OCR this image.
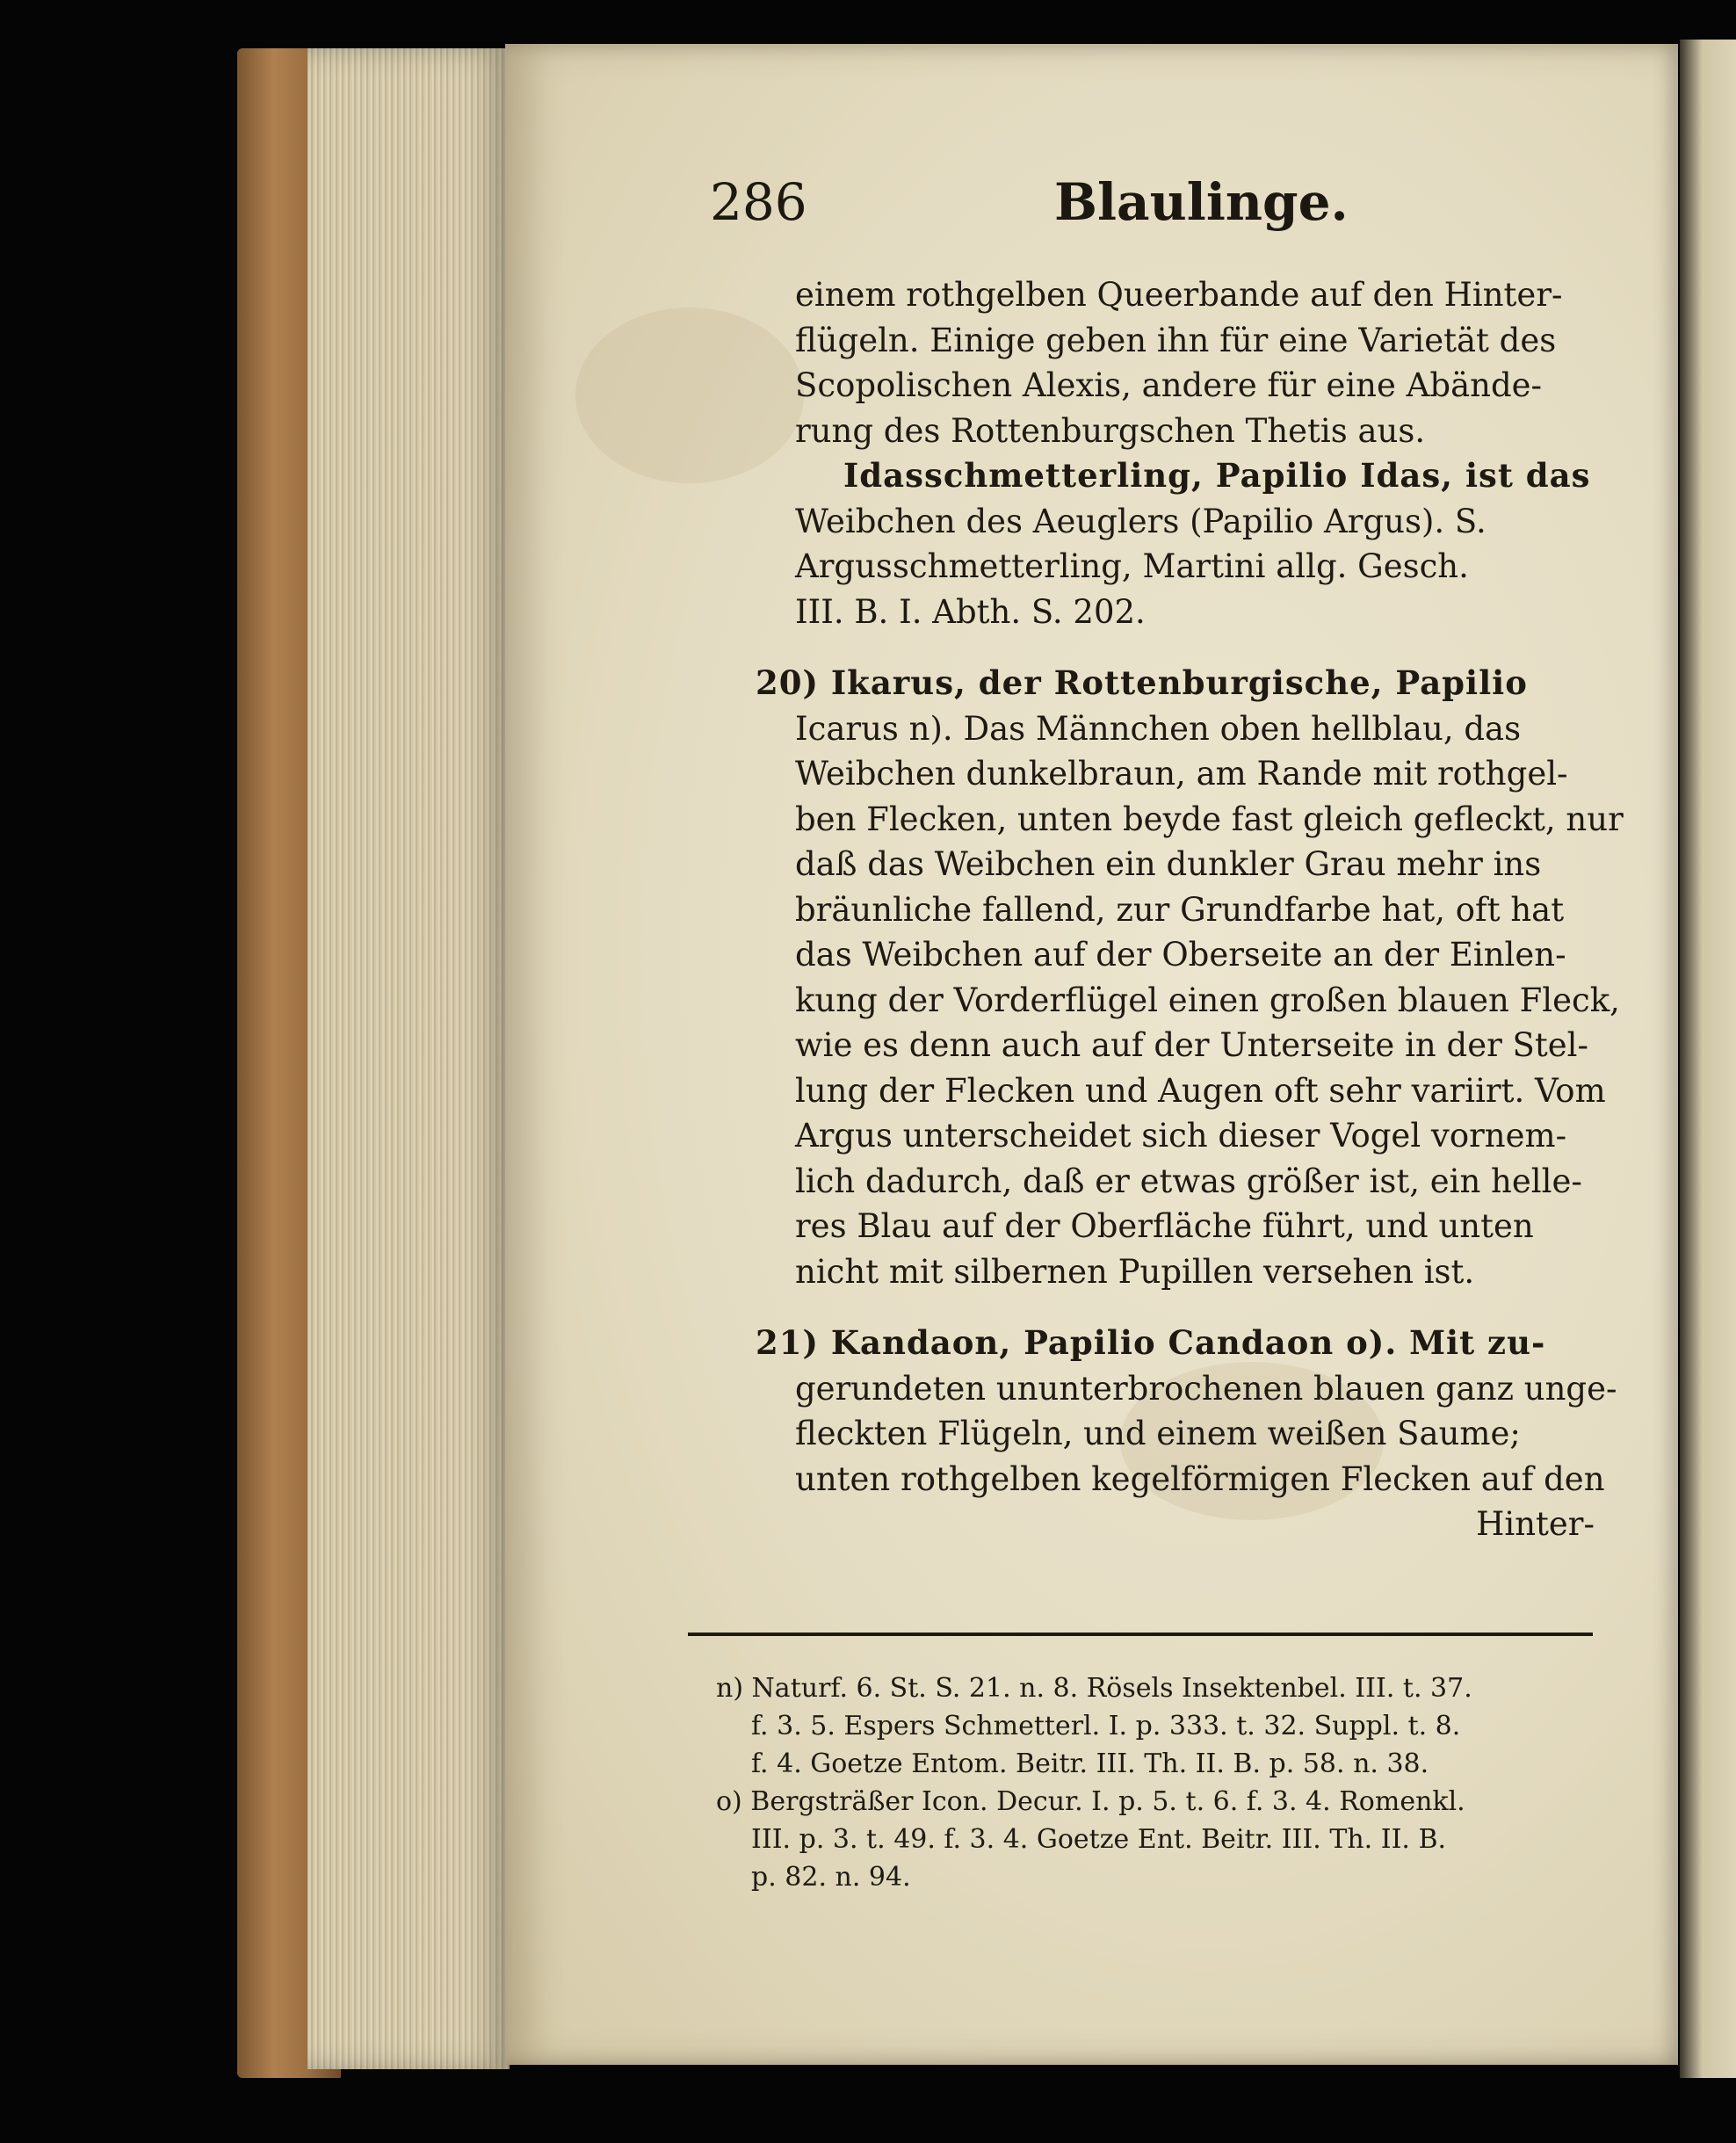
286	Blaulinge.
einem rothgelben Queerbande auf den Hinter-
flügeln. Einige geben ihn für eine Varietät des
Scopolischen Alexis, andere für eine Abände-
rung des Rottenburgschen Thetis aus.
Idasschmetterling, Papilio Idas, ist das
Weibchen des Aeuglers (Papilio Argus). S.
Argusschmetterling, Martini allg. Gesch.
III. B. I. Abth. S. 202.
20) Ikarus, der Rottenburgische, Papilio
Icarus n). Das Männchen oben hellblau, das
Weibchen dunkelbraun, am Rande mit rothgel-
ben Flecken, unten beyde fast gleich gefleckt, nur
daß das Weibchen ein dunkler Grau mehr ins
bräunliche fallend, zur Grundfarbe hat, oft hat
das Weibchen auf der Oberseite an der Einlen-
kung der Vorderflügel einen großen blauen Fleck,
wie es denn auch auf der Unterseite in der Stel-
lung der Flecken und Augen oft sehr variirt. Vom
Argus unterscheidet sich dieser Vogel vornem-
lich dadurch, daß er etwas größer ist, ein helle-
res Blau auf der Oberfläche führt, und unten
nicht mit silbernen Pupillen versehen ist.
21) Kandaon, Papilio Candaon o). Mit zu-
gerundeten ununterbrochenen blauen ganz unge-
fleckten Flügeln, und einem weißen Saume;
unten rothgelben kegelförmigen Flecken auf den
Hinter-
n) Naturf. 6. St. S. 21. n. 8. Rösels Insektenbel. III. t. 37.
f. 3. 5. Espers Schmetterl. I. p. 333. t. 32. Suppl. t. 8.
f. 4. Goetze Entom. Beitr. III. Th. II. B. p. 58. n. 38.
o) Bergsträßer Icon. Decur. I. p. 5. t. 6. f. 3. 4. Romenkl.
III. p. 3. t. 49. f. 3. 4. Goetze Ent. Beitr. III. Th. II. B.
p. 82. n. 94.
